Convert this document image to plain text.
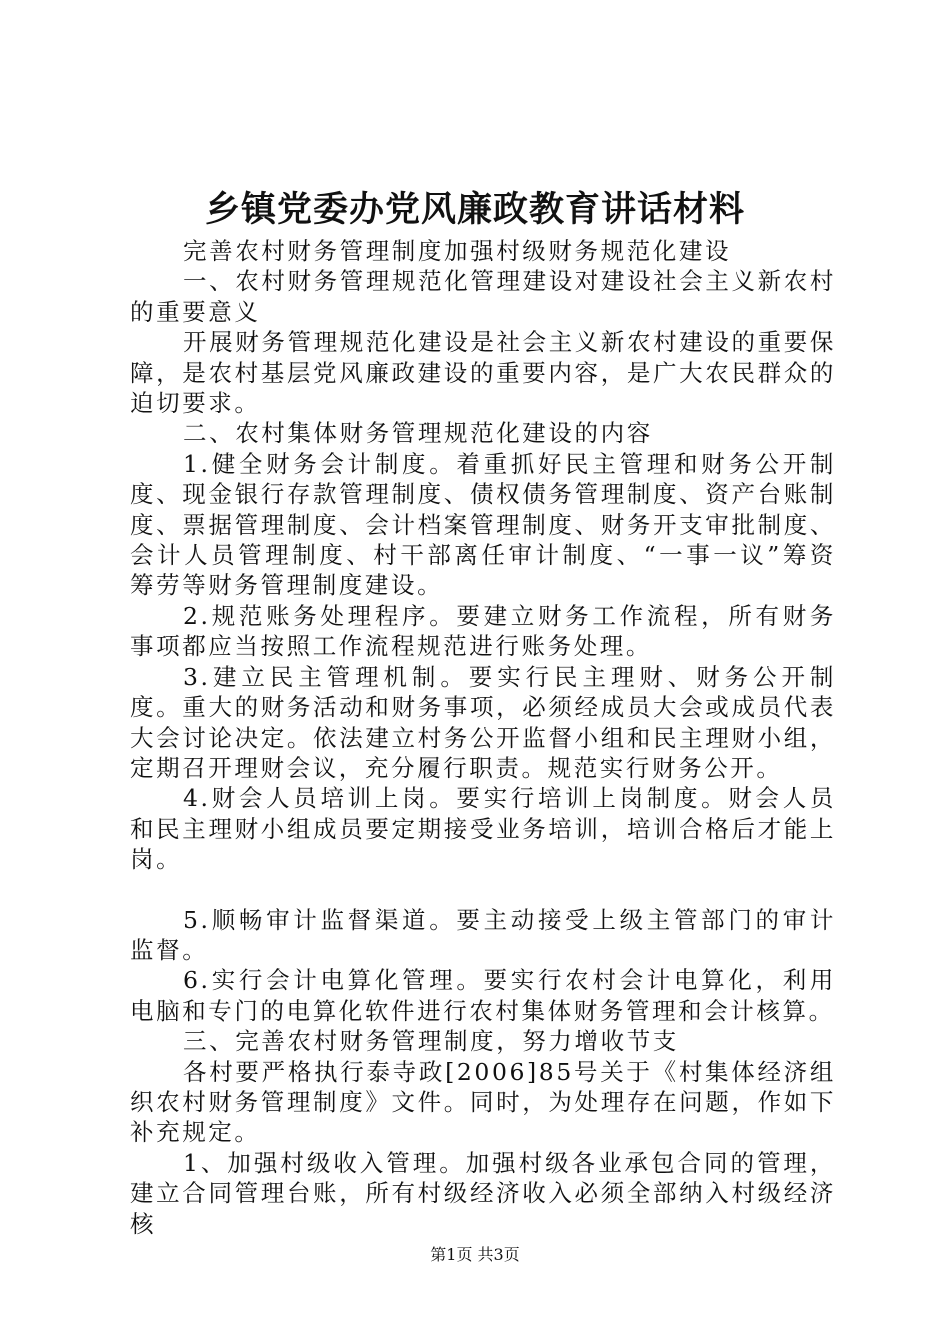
乡镇党委办党风廉政教育讲话材料

完善农村财务管理制度加强村级财务规范化建设

一、农村财务管理规范化管理建设对建设社会主义新农村的重要意义

开展财务管理规范化建设是社会主义新农村建设的重要保障，是农村基层党风廉政建设的重要内容，是广大农民群众的迫切要求。

二、农村集体财务管理规范化建设的内容

1.健全财务会计制度。着重抓好民主管理和财务公开制度、现金银行存款管理制度、债权债务管理制度、资产台账制度、票据管理制度、会计档案管理制度、财务开支审批制度、会计人员管理制度、村干部离任审计制度、“一事一议”筹资筹劳等财务管理制度建设。

2.规范账务处理程序。要建立财务工作流程，所有财务事项都应当按照工作流程规范进行账务处理。

3.建立民主管理机制。要实行民主理财、财务公开制度。重大的财务活动和财务事项，必须经成员大会或成员代表大会讨论决定。依法建立村务公开监督小组和民主理财小组，定期召开理财会议，充分履行职责。规范实行财务公开。

4.财会人员培训上岗。要实行培训上岗制度。财会人员和民主理财小组成员要定期接受业务培训，培训合格后才能上岗。

5.顺畅审计监督渠道。要主动接受上级主管部门的审计监督。

6.实行会计电算化管理。要实行农村会计电算化，利用电脑和专门的电算化软件进行农村集体财务管理和会计核算。

三、完善农村财务管理制度，努力增收节支

各村要严格执行泰寺政[2006]85号关于《村集体经济组织农村财务管理制度》文件。同时，为处理存在问题，作如下补充规定。

1、加强村级收入管理。加强村级各业承包合同的管理，建立合同管理台账，所有村级经济收入必须全部纳入村级经济核

第1页 共3页
